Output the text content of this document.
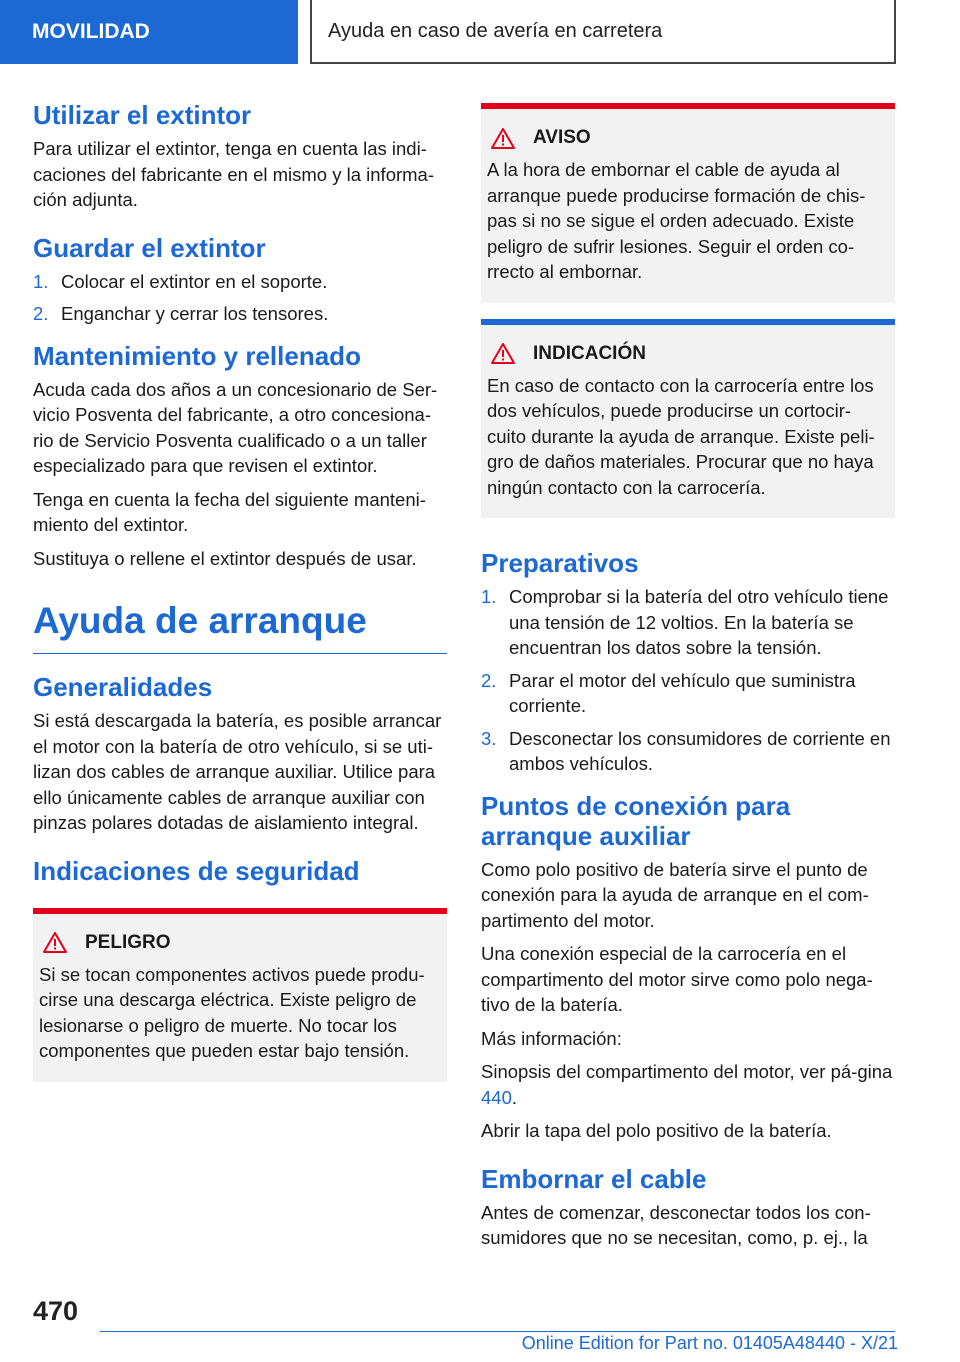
MOVILIDAD	Ayuda en caso de avería en carretera
Utilizar el extintor

Para utilizar el extintor, tenga en cuenta las indi-caciones del fabricante en el mismo y la informa-ción adjunta.

Guardar el extintor
1. Colocar el extintor en el soporte.
2. Enganchar y cerrar los tensores.
Mantenimiento y rellenado

Acuda cada dos años a un concesionario de Ser-vicio Posventa del fabricante, a otro concesiona-rio de Servicio Posventa cualificado o a un taller especializado para que revisen el extintor.

Tenga en cuenta la fecha del siguiente manteni-miento del extintor.

Sustituya o rellene el extintor después de usar.

Ayuda de arranque
Generalidades

Si está descargada la batería, es posible arrancar el motor con la batería de otro vehículo, si se uti-lizan dos cables de arranque auxiliar. Utilice para ello únicamente cables de arranque auxiliar con pinzas polares dotadas de aislamiento integral.

Indicaciones de seguridad
PELIGRO

Si se tocan componentes activos puede produ-cirse una descarga eléctrica. Existe peligro de lesionarse o peligro de muerte. No tocar los componentes que pueden estar bajo tensión.

AVISO

A la hora de embornar el cable de ayuda al arranque puede producirse formación de chis-pas si no se sigue el orden adecuado. Existe peligro de sufrir lesiones. Seguir el orden co-rrecto al embornar.

INDICACIÓN

En caso de contacto con la carrocería entre los dos vehículos, puede producirse un cortocir-cuito durante la ayuda de arranque. Existe peli-gro de daños materiales. Procurar que no haya ningún contacto con la carrocería.

Preparativos
1. Comprobar si la batería del otro vehículo tiene una tensión de 12 voltios. En la batería se encuentran los datos sobre la tensión.
2. Parar el motor del vehículo que suministra corriente.
3. Desconectar los consumidores de corriente en ambos vehículos.
Puntos de conexión para arranque auxiliar

Como polo positivo de batería sirve el punto de conexión para la ayuda de arranque en el com-partimento del motor.

Una conexión especial de la carrocería en el compartimento del motor sirve como polo nega-tivo de la batería.

Más información:

Sinopsis del compartimento del motor, ver pá-gina 440.

Abrir la tapa del polo positivo de la batería.

Embornar el cable

Antes de comenzar, desconectar todos los con-sumidores que no se necesitan, como, p. ej., la

470
Online Edition for Part no. 01405A48440 - X/21
